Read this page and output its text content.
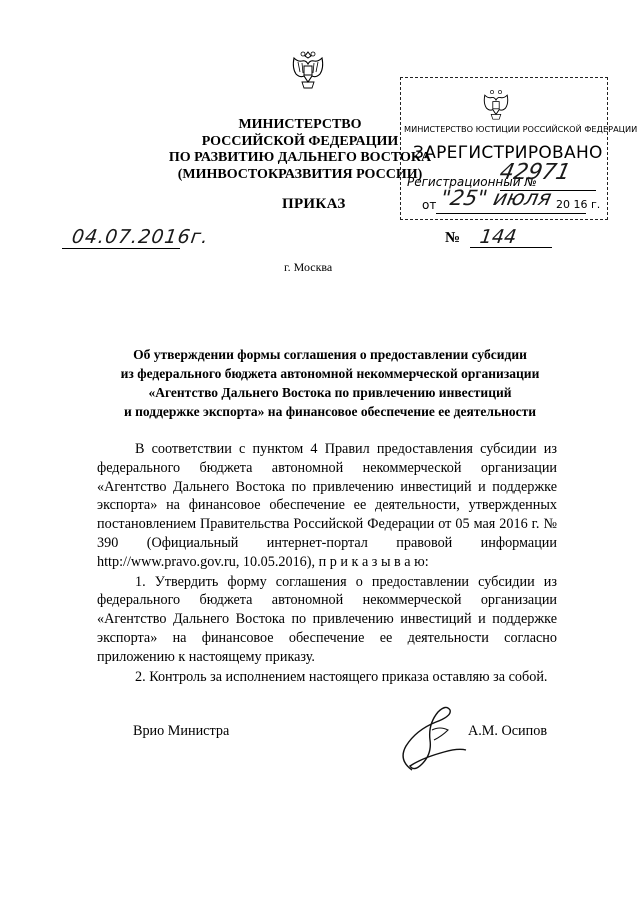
МИНИСТЕРСТВО
РОССИЙСКОЙ ФЕДЕРАЦИИ
ПО РАЗВИТИЮ ДАЛЬНЕГО ВОСТОКА
(МИНВОСТОКРАЗВИТИЯ РОССИИ)
ПРИКАЗ
МИНИСТЕРСТВО ЮСТИЦИИ РОССИЙСКОЙ ФЕДЕРАЦИИ
ЗАРЕГИСТРИРОВАНО
Регистрационный №
42971
от "25" июля 20 16 г.
04.07.2016г.	№ 144
г. Москва
Об утверждении формы соглашения о предоставлении субсидии
из федерального бюджета автономной некоммерческой организации
«Агентство Дальнего Востока по привлечению инвестиций
и поддержке экспорта» на финансовое обеспечение ее деятельности

В соответствии с пунктом 4 Правил предоставления субсидии из федерального бюджета автономной некоммерческой организации «Агентство Дальнего Востока по привлечению инвестиций и поддержке экспорта» на финансовое обеспечение ее деятельности, утвержденных постановлением Правительства Российской Федерации от 05 мая 2016 г. № 390 (Официальный интернет-портал правовой информации http://www.pravo.gov.ru, 10.05.2016), п р и к а з ы в а ю:

1. Утвердить форму соглашения о предоставлении субсидии из федерального бюджета автономной некоммерческой организации «Агентство Дальнего Востока по привлечению инвестиций и поддержке экспорта» на финансовое обеспечение ее деятельности согласно приложению к настоящему приказу.

2. Контроль за исполнением настоящего приказа оставляю за собой.

Врио Министра	А.М. Осипов
